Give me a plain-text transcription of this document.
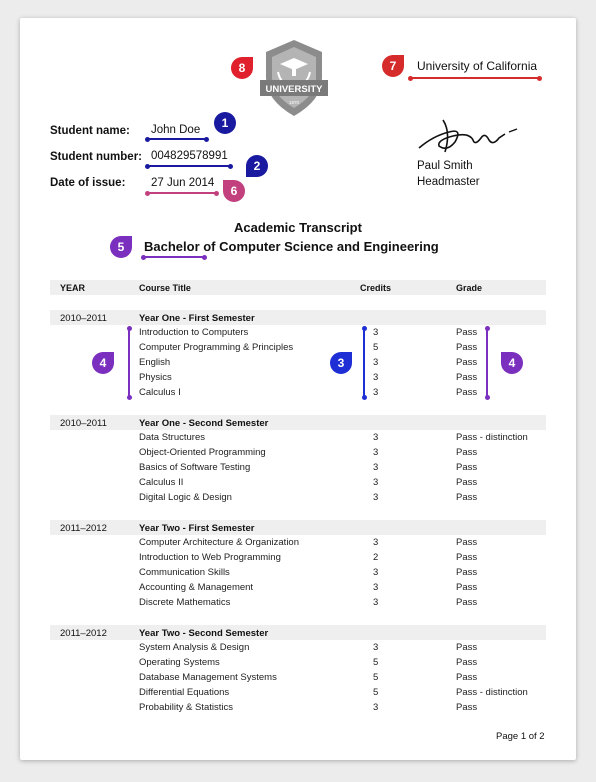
UNIVERSITY
1970
University of California
Student name: John Doe
Student number: 004829578991
Date of issue: 27 Jun 2014
Paul Smith
Headmaster
Academic Transcript
Bachelor of Computer Science and Engineering
YEAR	Course Title	Credits	Grade
2010–2011	Year One - First Semester
Introduction to Computers	3	Pass
Computer Programming & Principles	5	Pass
English	3	Pass
Physics	3	Pass
Calculus I	3	Pass
2010–2011	Year One - Second Semester
Data Structures	3	Pass - distinction
Object-Oriented Programming	3	Pass
Basics of Software Testing	3	Pass
Calculus II	3	Pass
Digital Logic & Design	3	Pass
2011–2012	Year Two - First Semester
Computer Architecture & Organization	3	Pass
Introduction to Web Programming	2	Pass
Communication Skills	3	Pass
Accounting & Management	3	Pass
Discrete Mathematics	3	Pass
2011–2012	Year Two - Second Semester
System Analysis & Design	3	Pass
Operating Systems	5	Pass
Database Management Systems	5	Pass
Differential Equations	5	Pass - distinction
Probability & Statistics	3	Pass
Page 1 of 2
1
2
3
4	4
5
6
7
8
